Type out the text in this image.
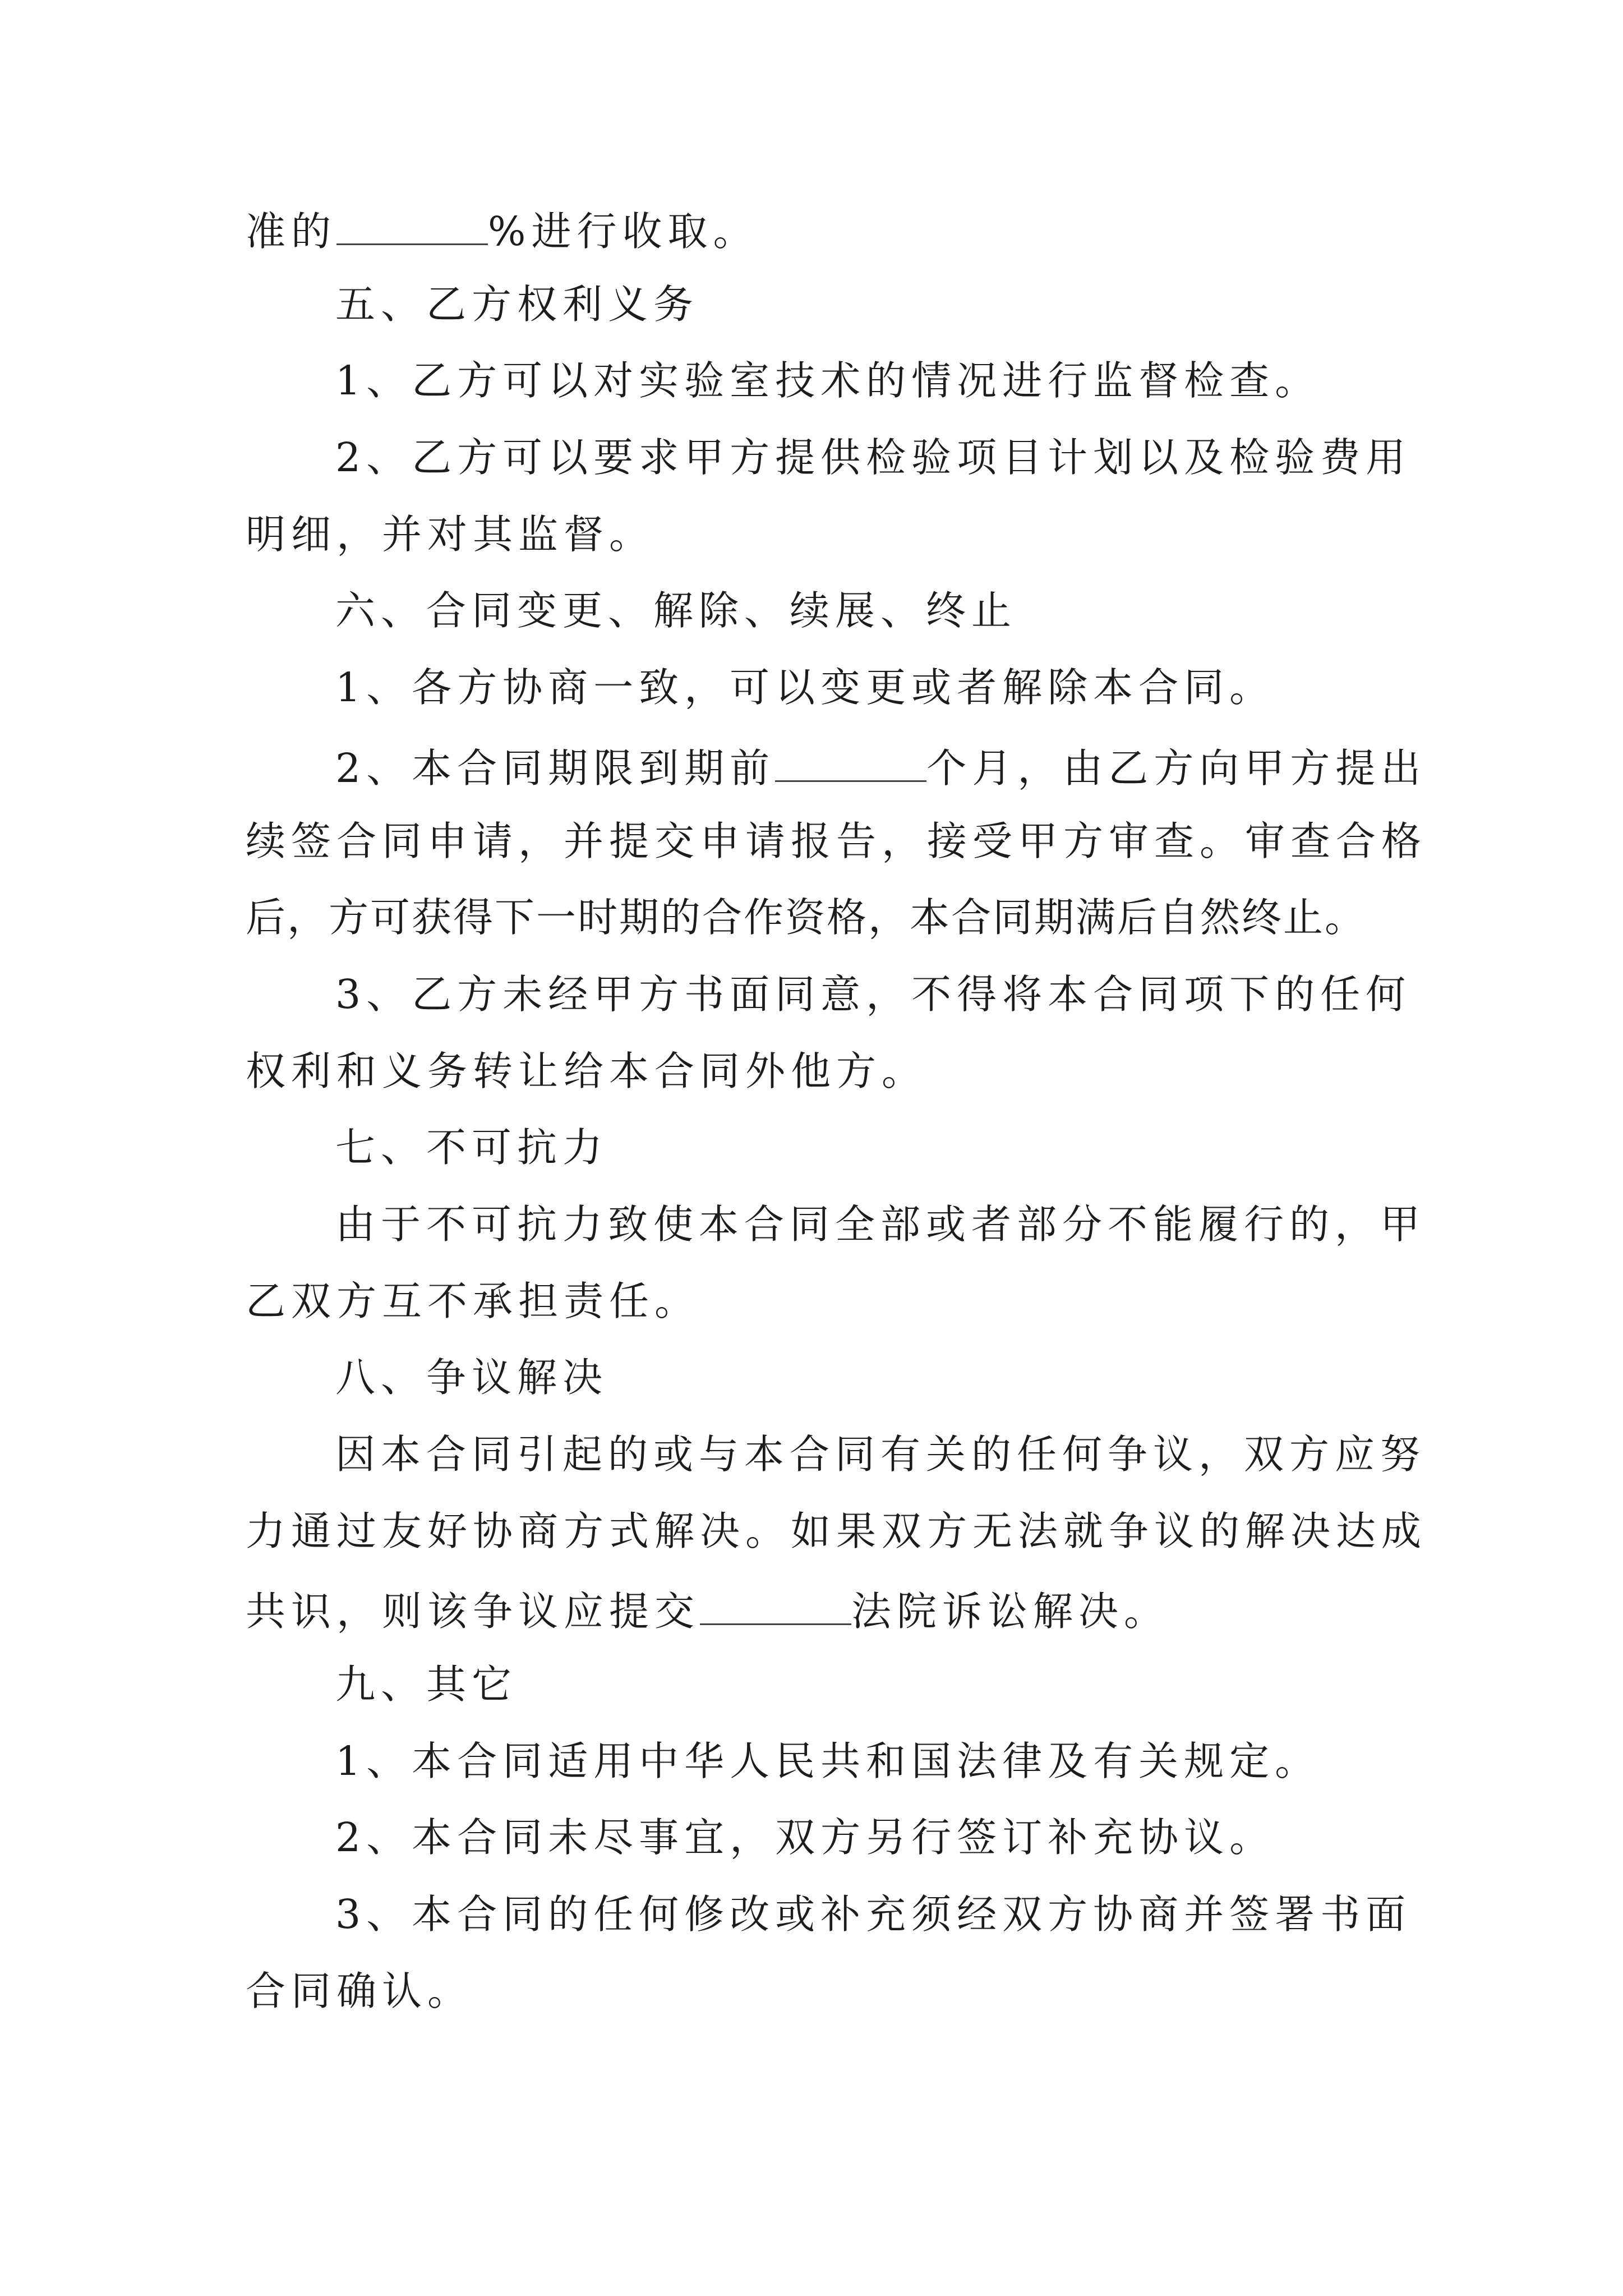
准的	%进行收取。
五、乙方权利义务
1、乙方可以对实验室技术的情况进行监督检查。
2、乙方可以要求甲方提供检验项目计划以及检验费用
明细，并对其监督。
六、合同变更、解除、续展、终止
1、各方协商一致，可以变更或者解除本合同。
2、本合同期限到期前	个月，由乙方向甲方提出
续签合同申请，并提交申请报告，接受甲方审查。审查合格
后，方可获得下一时期的合作资格，本合同期满后自然终止。
3、乙方未经甲方书面同意，不得将本合同项下的任何
权利和义务转让给本合同外他方。
七、不可抗力
由于不可抗力致使本合同全部或者部分不能履行的，甲
乙双方互不承担责任。
八、争议解决
因本合同引起的或与本合同有关的任何争议，双方应努
力通过友好协商方式解决。如果双方无法就争议的解决达成
共识，则该争议应提交	法院诉讼解决。
九、其它
1、本合同适用中华人民共和国法律及有关规定。
2、本合同未尽事宜，双方另行签订补充协议。
3、本合同的任何修改或补充须经双方协商并签署书面
合同确认。
